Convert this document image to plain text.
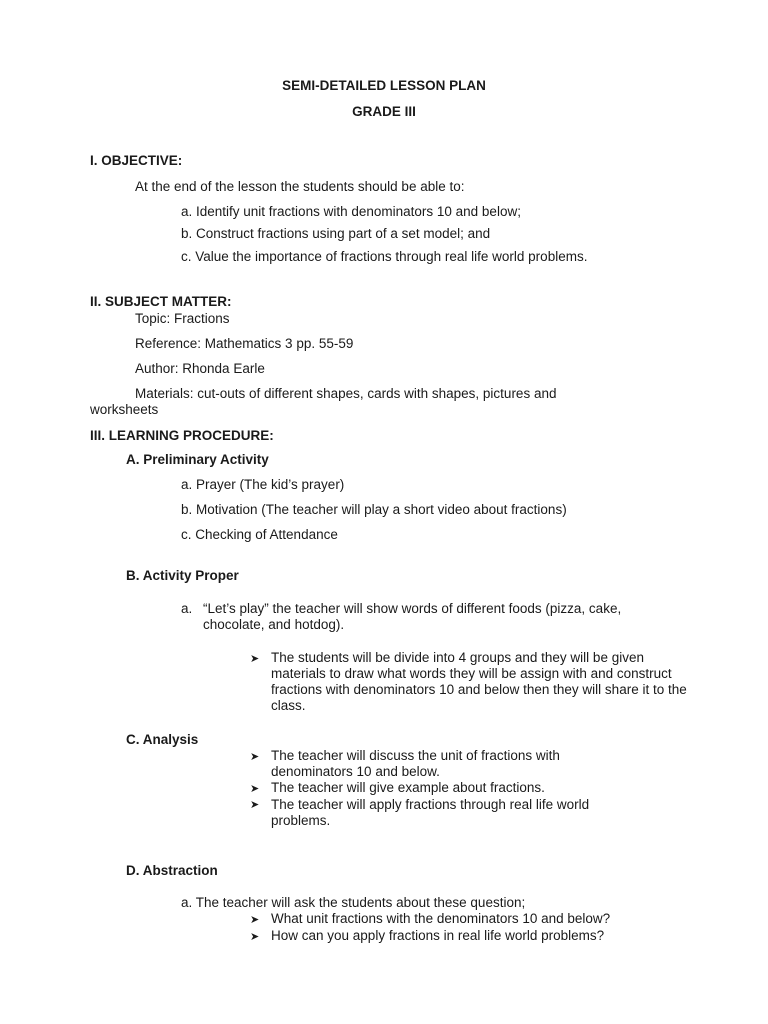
SEMI-DETAILED LESSON PLAN
GRADE III
I. OBJECTIVE:
At the end of the lesson the students should be able to:
a. Identify unit fractions with denominators 10 and below;
b. Construct fractions using part of a set model; and
c. Value the importance of fractions through real life world problems.
II. SUBJECT MATTER:
Topic: Fractions
Reference: Mathematics 3 pp. 55-59
Author: Rhonda Earle
Materials: cut-outs of different shapes, cards with shapes, pictures and
worksheets
III. LEARNING PROCEDURE:
A. Preliminary Activity
a. Prayer (The kid’s prayer)
b. Motivation (The teacher will play a short video about fractions)
c. Checking of Attendance
B. Activity Proper
a. “Let’s play” the teacher will show words of different foods (pizza, cake,
chocolate, and hotdog).
➤ The students will be divide into 4 groups and they will be given materials to draw what words they will be assign with and construct fractions with denominators 10 and below then they will share it to the class.
C. Analysis
➤ The teacher will discuss the unit of fractions with denominators 10 and below.
➤ The teacher will give example about fractions.
➤ The teacher will apply fractions through real life world problems.
D. Abstraction
a. The teacher will ask the students about these question;
➤ What unit fractions with the denominators 10 and below?
➤ How can you apply fractions in real life world problems?
